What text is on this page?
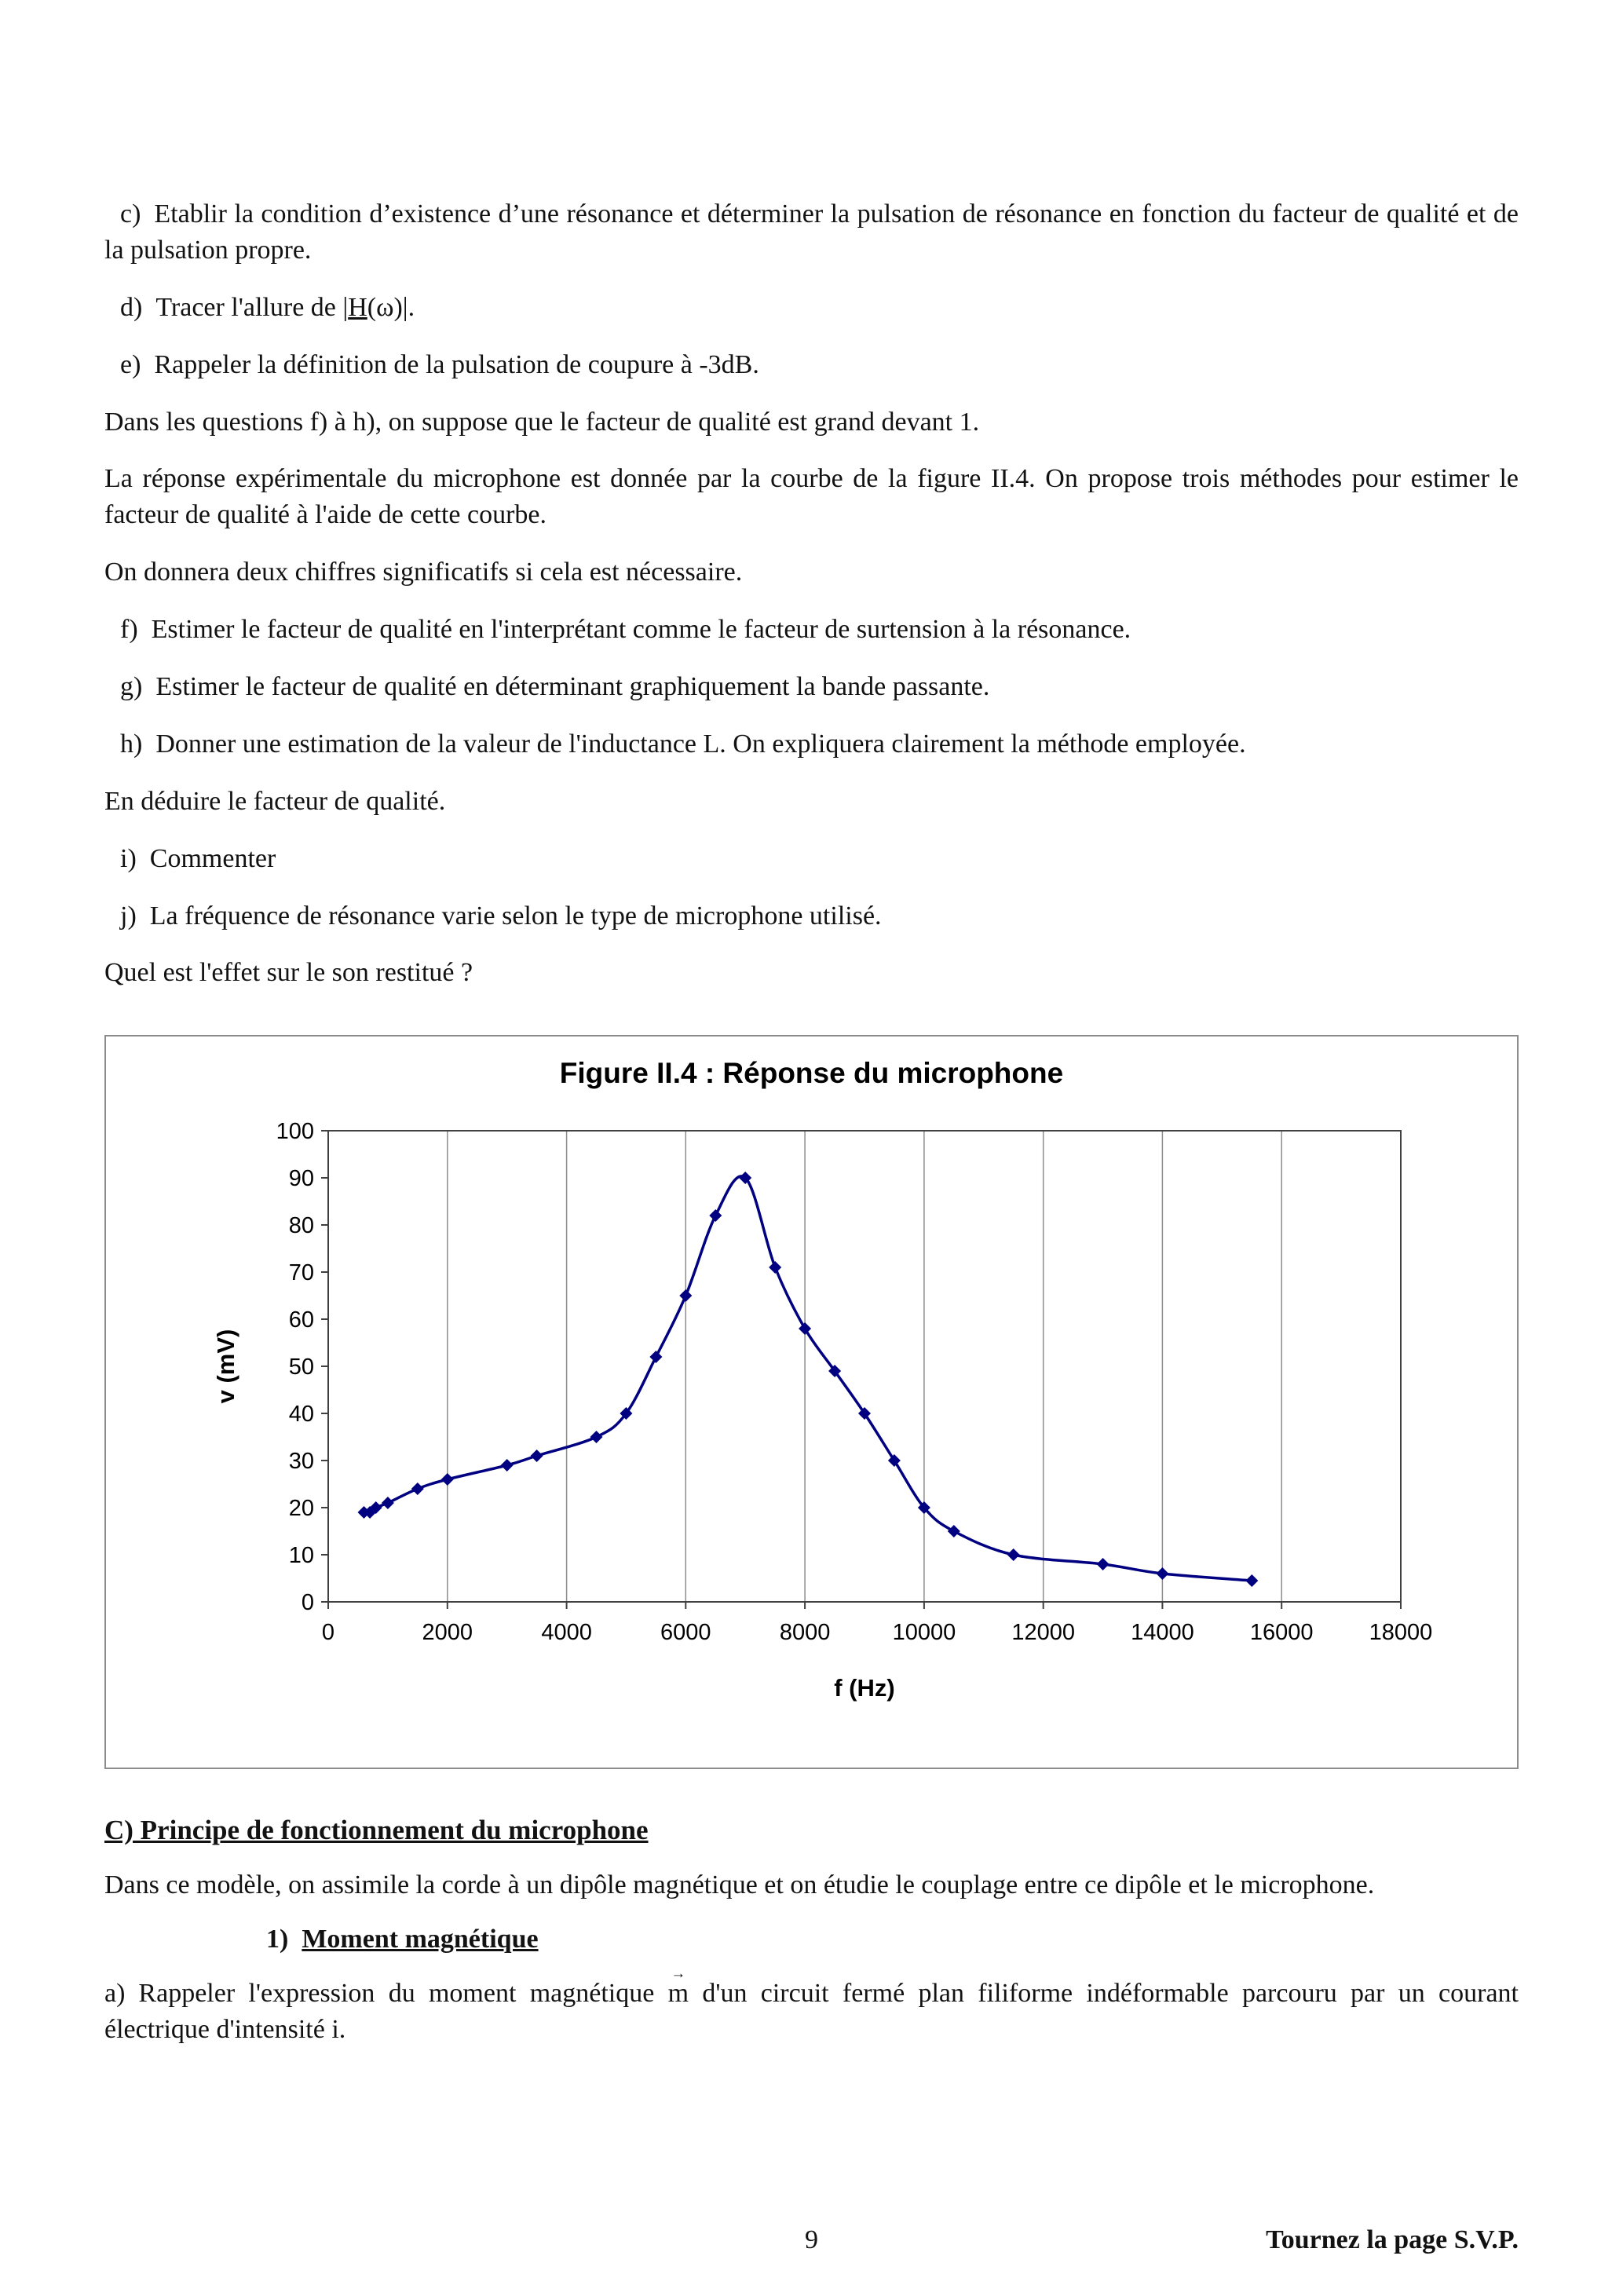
c) Etablir la condition d’existence d’une résonance et déterminer la pulsation de résonance en fonction du facteur de qualité et de la pulsation propre.

d) Tracer l'allure de |H(ω)|.

e) Rappeler la définition de la pulsation de coupure à -3dB.

Dans les questions f) à h), on suppose que le facteur de qualité est grand devant 1.

La réponse expérimentale du microphone est donnée par la courbe de la figure II.4. On propose trois méthodes pour estimer le facteur de qualité à l'aide de cette courbe.

On donnera deux chiffres significatifs si cela est nécessaire.

f) Estimer le facteur de qualité en l'interprétant comme le facteur de surtension à la résonance.

g) Estimer le facteur de qualité en déterminant graphiquement la bande passante.

h) Donner une estimation de la valeur de l'inductance L. On expliquera clairement la méthode employée.

En déduire le facteur de qualité.

i) Commenter

j) La fréquence de résonance varie selon le type de microphone utilisé.

Quel est l'effet sur le son restitué ?

Figure II.4 : Réponse du microphone
0	2000	4000	6000	8000	10000 12000 14000 16000 18000
0
10
20
30
40
50
60
70
80
90
100
f (Hz)
v (mV)

C) Principe de fonctionnement du microphone

Dans ce modèle, on assimile la corde à un dipôle magnétique et on étudie le couplage entre ce dipôle et le microphone.

1) Moment magnétique

a) Rappeler l'expression du moment magnétique
→
m d'un circuit fermé plan filiforme indéformable parcouru par un courant électrique d'intensité i.

9	Tournez la page S.V.P.
